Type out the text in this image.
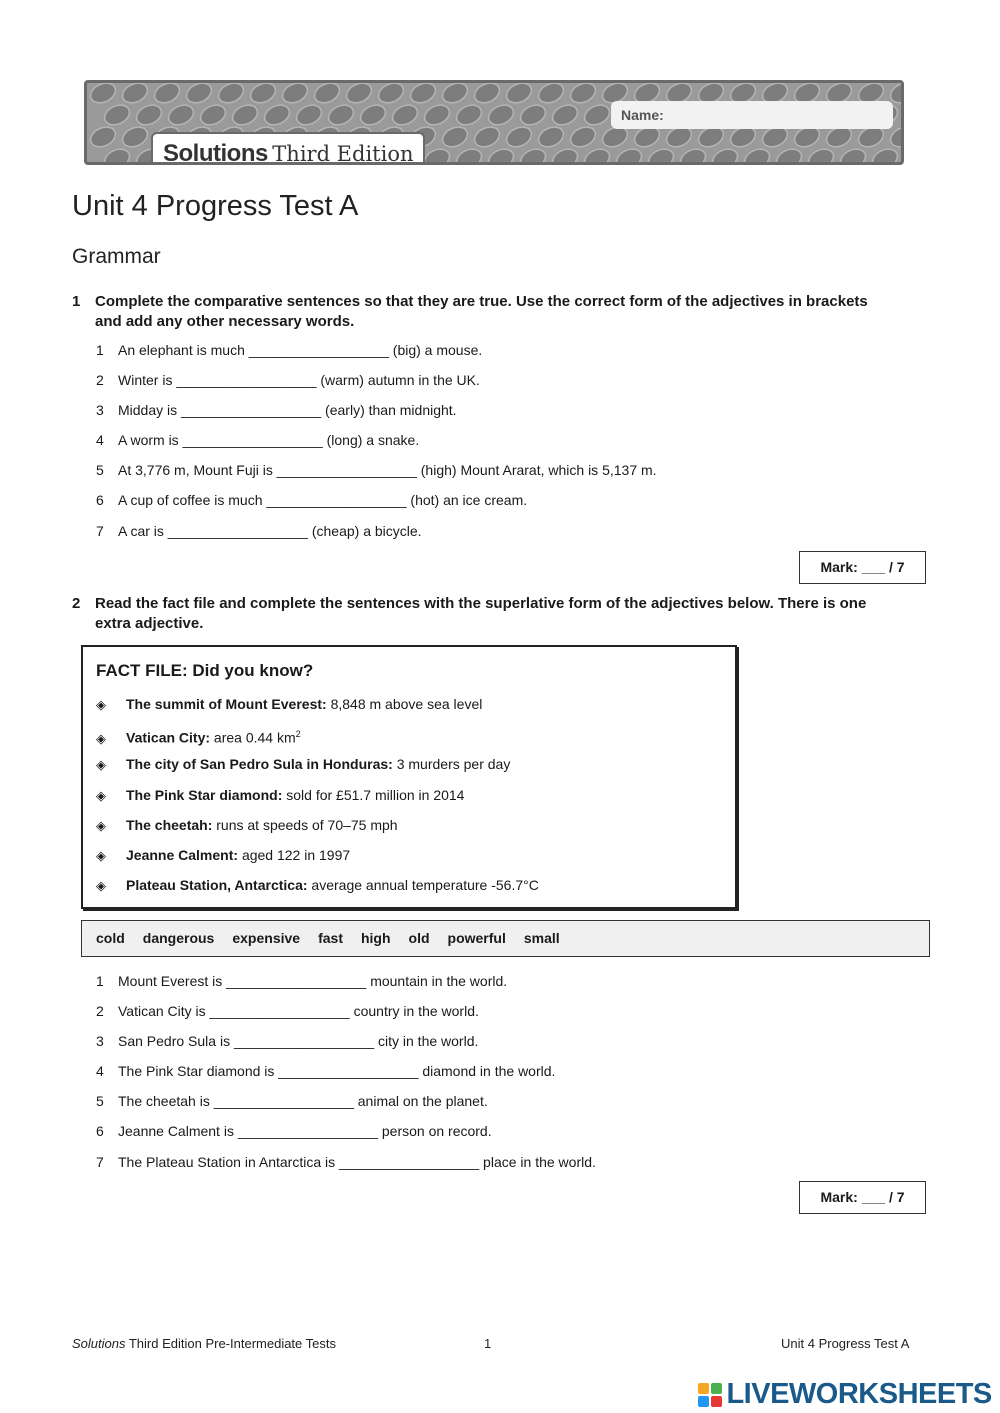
Name:
Solutions Third Edition
Unit 4 Progress Test A
Grammar
1 Complete the comparative sentences so that they are true. Use the correct form of the adjectives in brackets and add any other necessary words.
1 An elephant is much __________________ (big) a mouse.
2 Winter is __________________ (warm) autumn in the UK.
3 Midday is __________________ (early) than midnight.
4 A worm is __________________ (long) a snake.
5 At 3,776 m, Mount Fuji is __________________ (high) Mount Ararat, which is 5,137 m.
6 A cup of coffee is much __________________ (hot) an ice cream.
7 A car is __________________ (cheap) a bicycle.
Mark: ___ / 7
2 Read the fact file and complete the sentences with the superlative form of the adjectives below. There is one extra adjective.
FACT FILE: Did you know?
◈ The summit of Mount Everest: 8,848 m above sea level
◈ Vatican City: area 0.44 $km^2$
◈ The city of San Pedro Sula in Honduras: 3 murders per day
◈ The Pink Star diamond: sold for £51.7 million in 2014
◈ The cheetah: runs at speeds of 70–75 mph
◈ Jeanne Calment: aged 122 in 1997
◈ Plateau Station, Antarctica: average annual temperature -56.7°C
cold dangerous expensive fast high old powerful small
1 Mount Everest is __________________ mountain in the world.
2 Vatican City is __________________ country in the world.
3 San Pedro Sula is __________________ city in the world.
4 The Pink Star diamond is __________________ diamond in the world.
5 The cheetah is __________________ animal on the planet.
6 Jeanne Calment is __________________ person on record.
7 The Plateau Station in Antarctica is __________________ place in the world.
Mark: ___ / 7
Solutions Third Edition Pre-Intermediate Tests	1	Unit 4 Progress Test A
LIVEWORKSHEETS
